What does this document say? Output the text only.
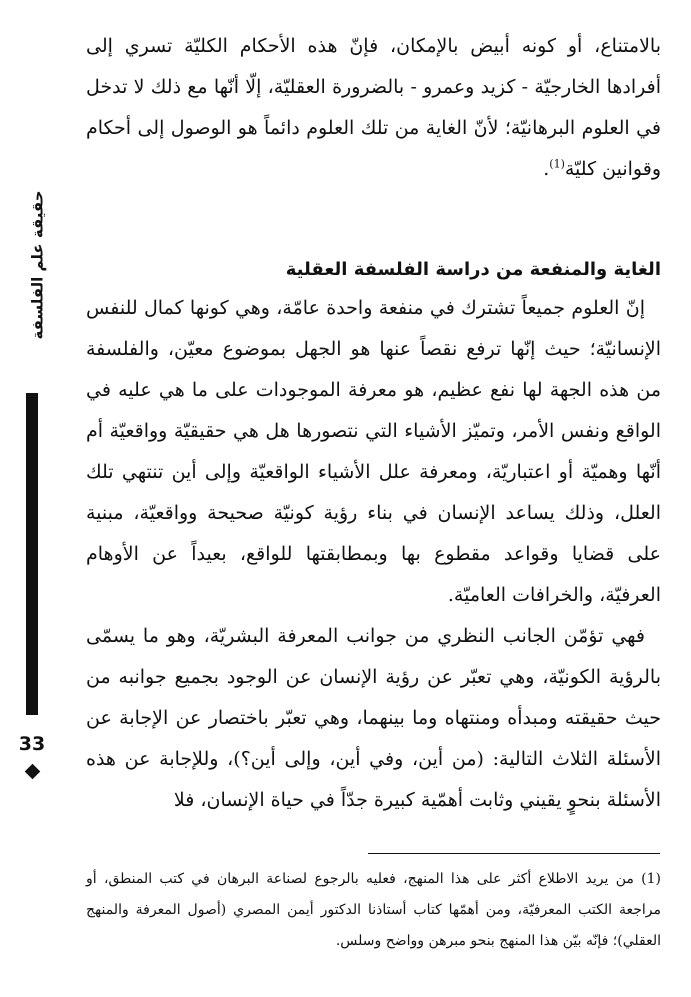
حقيقة علم الفلسفة
33

بالامتناع، أو كونه أبيض بالإمكان، فإنّ هذه الأحكام الكليّة تسري إلى أفرادها الخارجيّة - كزيد وعمرو - بالضرورة العقليّة، إلّا أنّها مع ذلك لا تدخل في العلوم البرهانيّة؛ لأنّ الغاية من تلك العلوم دائماً هو الوصول إلى أحكام وقوانين كليّة$^{(1)}$.

الغاية والمنفعة من دراسة الفلسفة العقلية

إنّ العلوم جميعاً تشترك في منفعة واحدة عامّة، وهي كونها كمال للنفس الإنسانيّة؛ حيث إنّها ترفع نقصاً عنها هو الجهل بموضوع معيّن، والفلسفة من هذه الجهة لها نفع عظيم، هو معرفة الموجودات على ما هي عليه في الواقع ونفس الأمر، وتميّز الأشياء التي نتصورها هل هي حقيقيّة وواقعيّة أم أنّها وهميّة أو اعتباريّة، ومعرفة علل الأشياء الواقعيّة وإلى أين تنتهي تلك العلل، وذلك يساعد الإنسان في بناء رؤية كونيّة صحيحة وواقعيّة، مبنية على قضايا وقواعد مقطوع بها وبمطابقتها للواقع، بعيداً عن الأوهام العرفيّة، والخرافات العاميّة.

فهي تؤمّن الجانب النظري من جوانب المعرفة البشريّة، وهو ما يسمّى بالرؤية الكونيّة، وهي تعبّر عن رؤية الإنسان عن الوجود بجميع جوانبه من حيث حقيقته ومبدأه ومنتهاه وما بينهما، وهي تعبّر باختصار عن الإجابة عن الأسئلة الثلاث التالية: (من أين، وفي أين، وإلى أين؟)، وللإجابة عن هذه الأسئلة بنحوٍ يقيني وثابت أهمّية كبيرة جدّاً في حياة الإنسان، فلا

(1) من يريد الاطلاع أكثر على هذا المنهج، فعليه بالرجوع لصناعة البرهان في كتب المنطق، أو مراجعة الكتب المعرفيّة، ومن أهمّها كتاب أستاذنا الدكتور أيمن المصري (أصول المعرفة والمنهج العقلي)؛ فإنّه بيّن هذا المنهج بنحو مبرهن وواضح وسلس.
